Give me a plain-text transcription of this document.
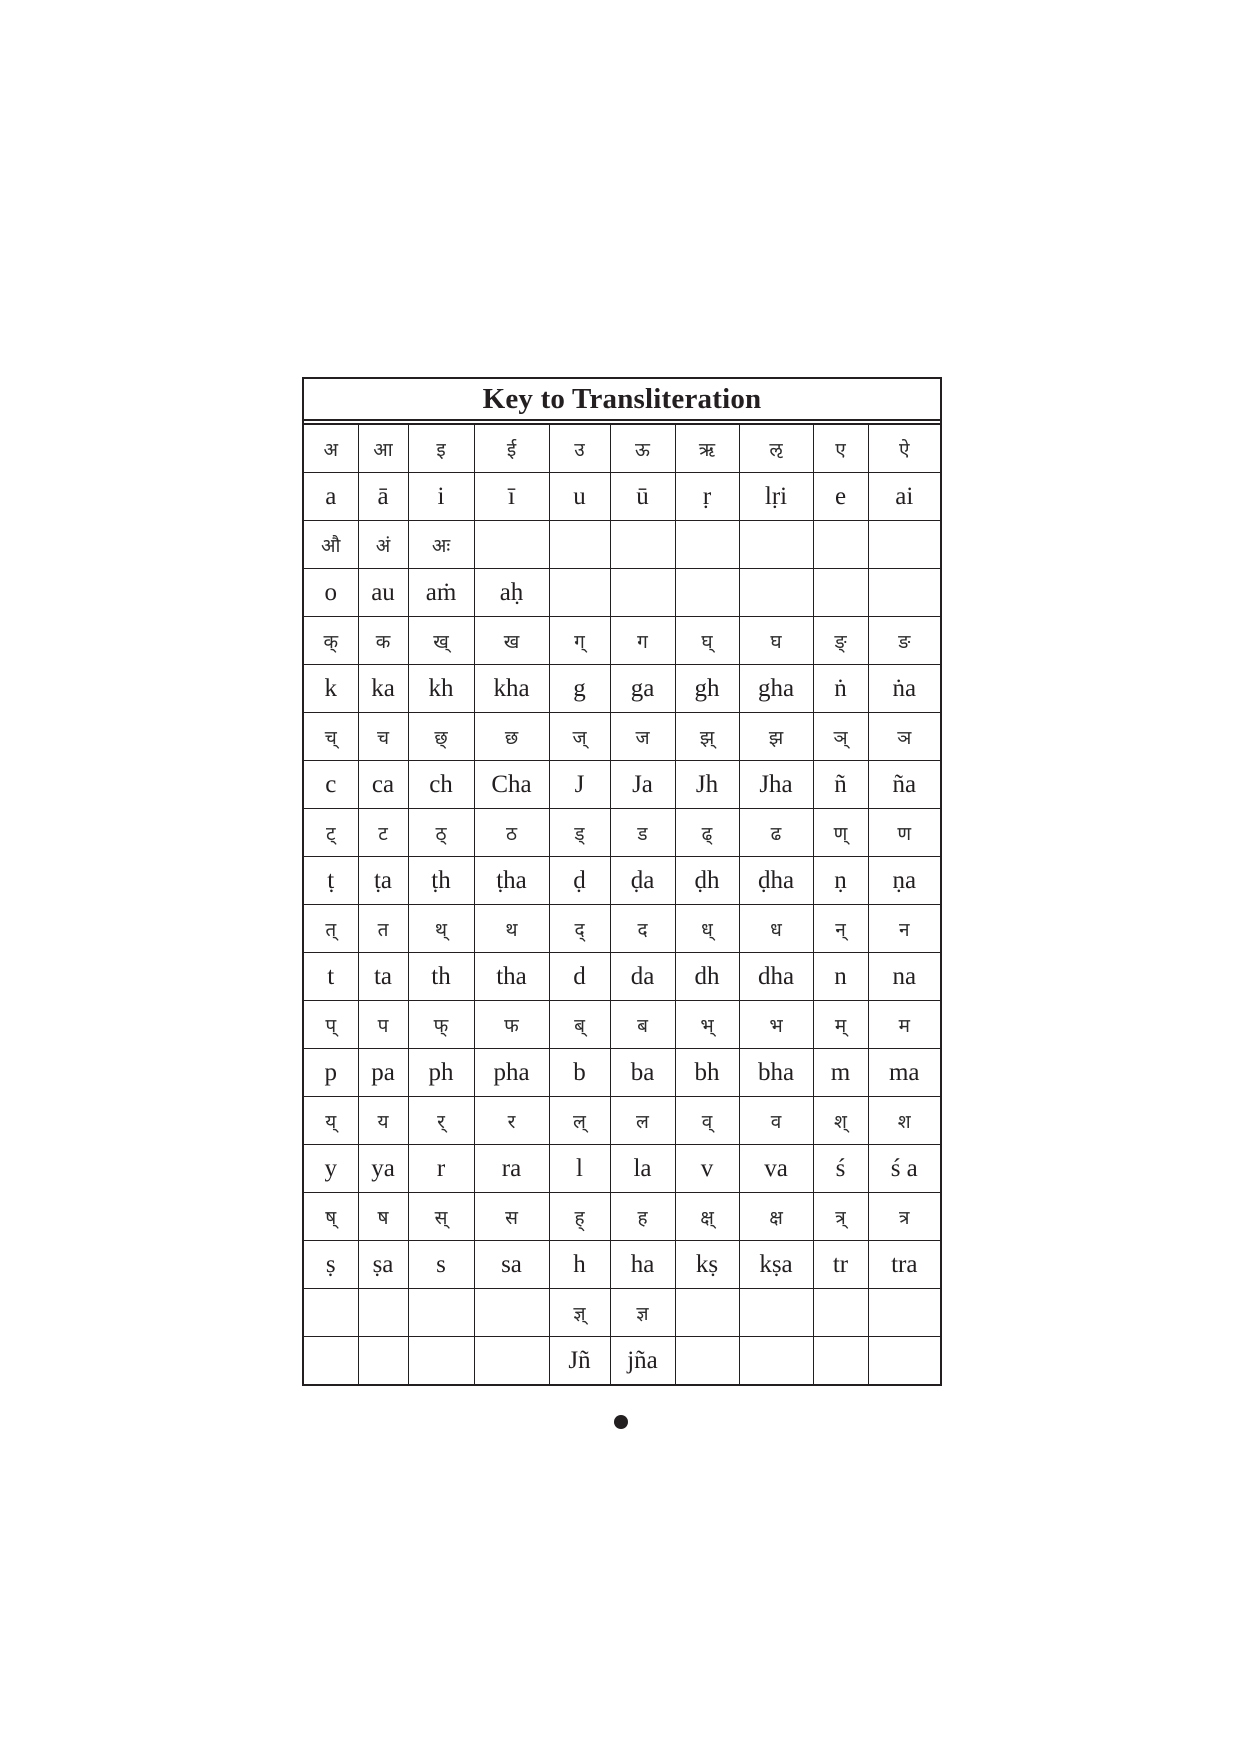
Key to Transliteration
अ	आ	इ	ई	उ	ऊ	ऋ	ऌ	ए	ऐ
a	ā	i	ī	u	ū	ṛ	lṛi	e	ai
औ	अं	अः							
o	au	aṁ	aḥ						
क्	क	ख्	ख	ग्	ग	घ्	घ	ङ्	ङ
k	ka	kh	kha	g	ga	gh	gha	ṅ	ṅa
च्	च	छ्	छ	ज्	ज	झ्	झ	ञ्	ञ
c	ca	ch	Cha	J	Ja	Jh	Jha	ñ	ña
ट्	ट	ठ्	ठ	ड्	ड	ढ्	ढ	ण्	ण
ṭ	ṭa	ṭh	ṭha	ḍ	ḍa	ḍh	ḍha	ṇ	ṇa
त्	त	थ्	थ	द्	द	ध्	ध	न्	न
t	ta	th	tha	d	da	dh	dha	n	na
प्	प	फ्	फ	ब्	ब	भ्	भ	म्	म
p	pa	ph	pha	b	ba	bh	bha	m	ma
य्	य	र्	र	ल्	ल	व्	व	श्	श
y	ya	r	ra	l	la	v	va	ś	ś a
ष्	ष	स्	स	ह्	ह	क्ष्	क्ष	त्र्	त्र
ṣ	ṣa	s	sa	h	ha	kṣ	kṣa	tr	tra
				ज्ञ्	ज्ञ				
				Jñ	jña				
